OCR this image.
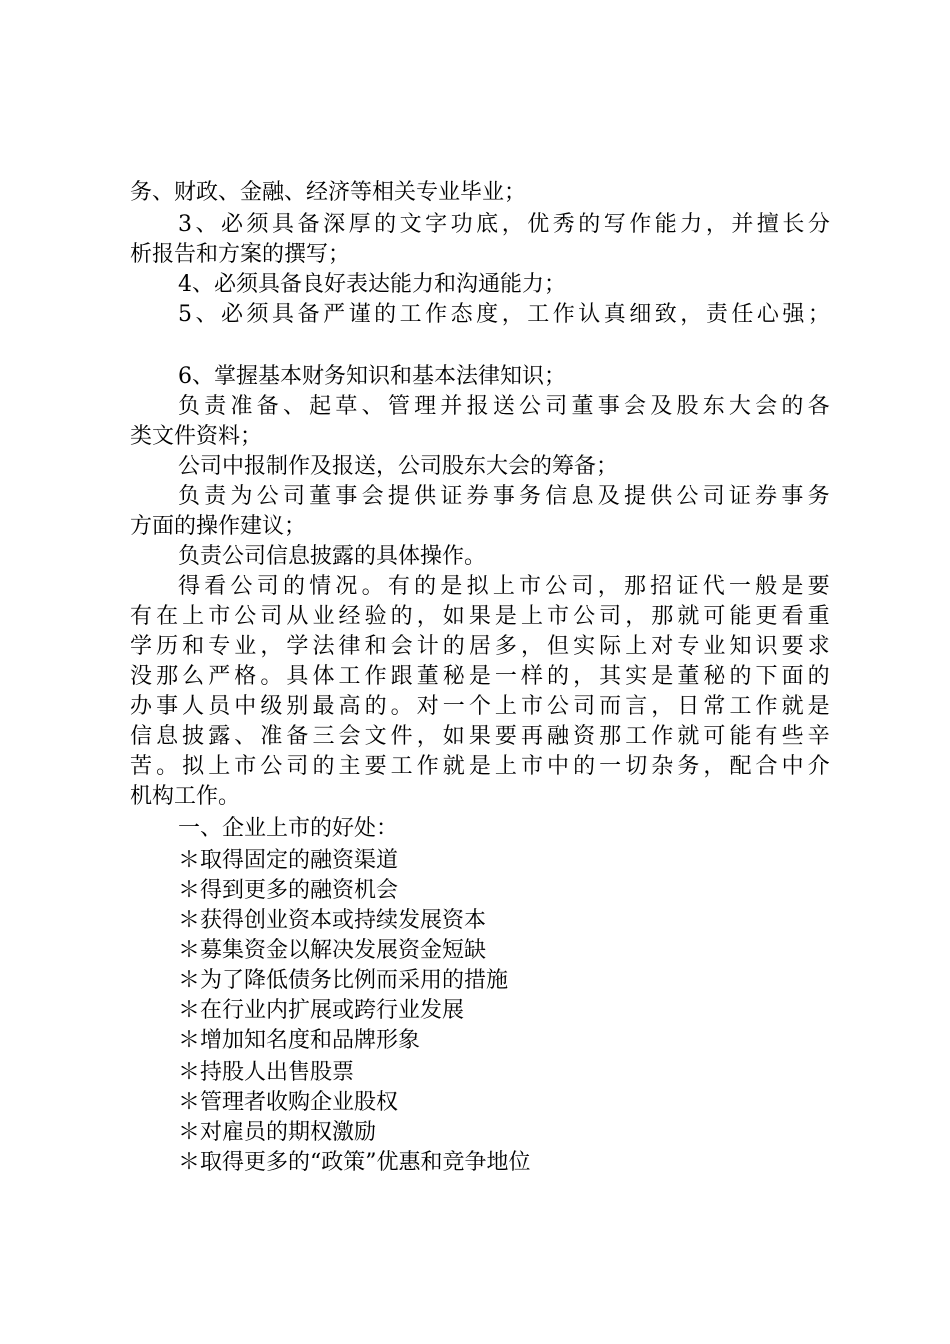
务、财政、金融、经济等相关专业毕业；
3 、 必 须 具 备 深 厚 的 文 字 功 底 ， 优 秀 的 写 作 能 力 ， 并 擅 长 分
析报告和方案的撰写；
4、必须具备良好表达能力和沟通能力；
5 、 必 须 具 备 严 谨 的 工 作 态 度 ， 工 作 认 真 细 致 ， 责 任 心 强 ；
6、掌握基本财务知识和基本法律知识；
负 责 准 备 、 起 草 、 管 理 并 报 送 公 司 董 事 会 及 股 东 大 会 的 各
类文件资料；
公司中报制作及报送，公司股东大会的筹备；
负 责 为 公 司 董 事 会 提 供 证 券 事 务 信 息 及 提 供 公 司 证 券 事 务
方面的操作建议；
负责公司信息披露的具体操作。
得 看 公 司 的 情 况 。 有 的 是 拟 上 市 公 司 ， 那 招 证 代 一 般 是 要
有 在 上 市 公 司 从 业 经 验 的 ， 如 果 是 上 市 公 司 ， 那 就 可 能 更 看 重
学 历 和 专 业 ， 学 法 律 和 会 计 的 居 多 ， 但 实 际 上 对 专 业 知 识 要 求
没 那 么 严 格 。 具 体 工 作 跟 董 秘 是 一 样 的 ， 其 实 是 董 秘 的 下 面 的
办 事 人 员 中 级 别 最 高 的 。 对 一 个 上 市 公 司 而 言 ， 日 常 工 作 就 是
信 息 披 露 、 准 备 三 会 文 件 ， 如 果 要 再 融 资 那 工 作 就 可 能 有 些 辛
苦 。 拟 上 市 公 司 的 主 要 工 作 就 是 上 市 中 的 一 切 杂 务 ， 配 合 中 介
机构工作。
一、企业上市的好处：
＊取得固定的融资渠道
＊得到更多的融资机会
＊获得创业资本或持续发展资本
＊募集资金以解决发展资金短缺
＊为了降低债务比例而采用的措施
＊在行业内扩展或跨行业发展
＊增加知名度和品牌形象
＊持股人出售股票
＊管理者收购企业股权
＊对雇员的期权激励
＊取得更多的“政策”优惠和竞争地位
